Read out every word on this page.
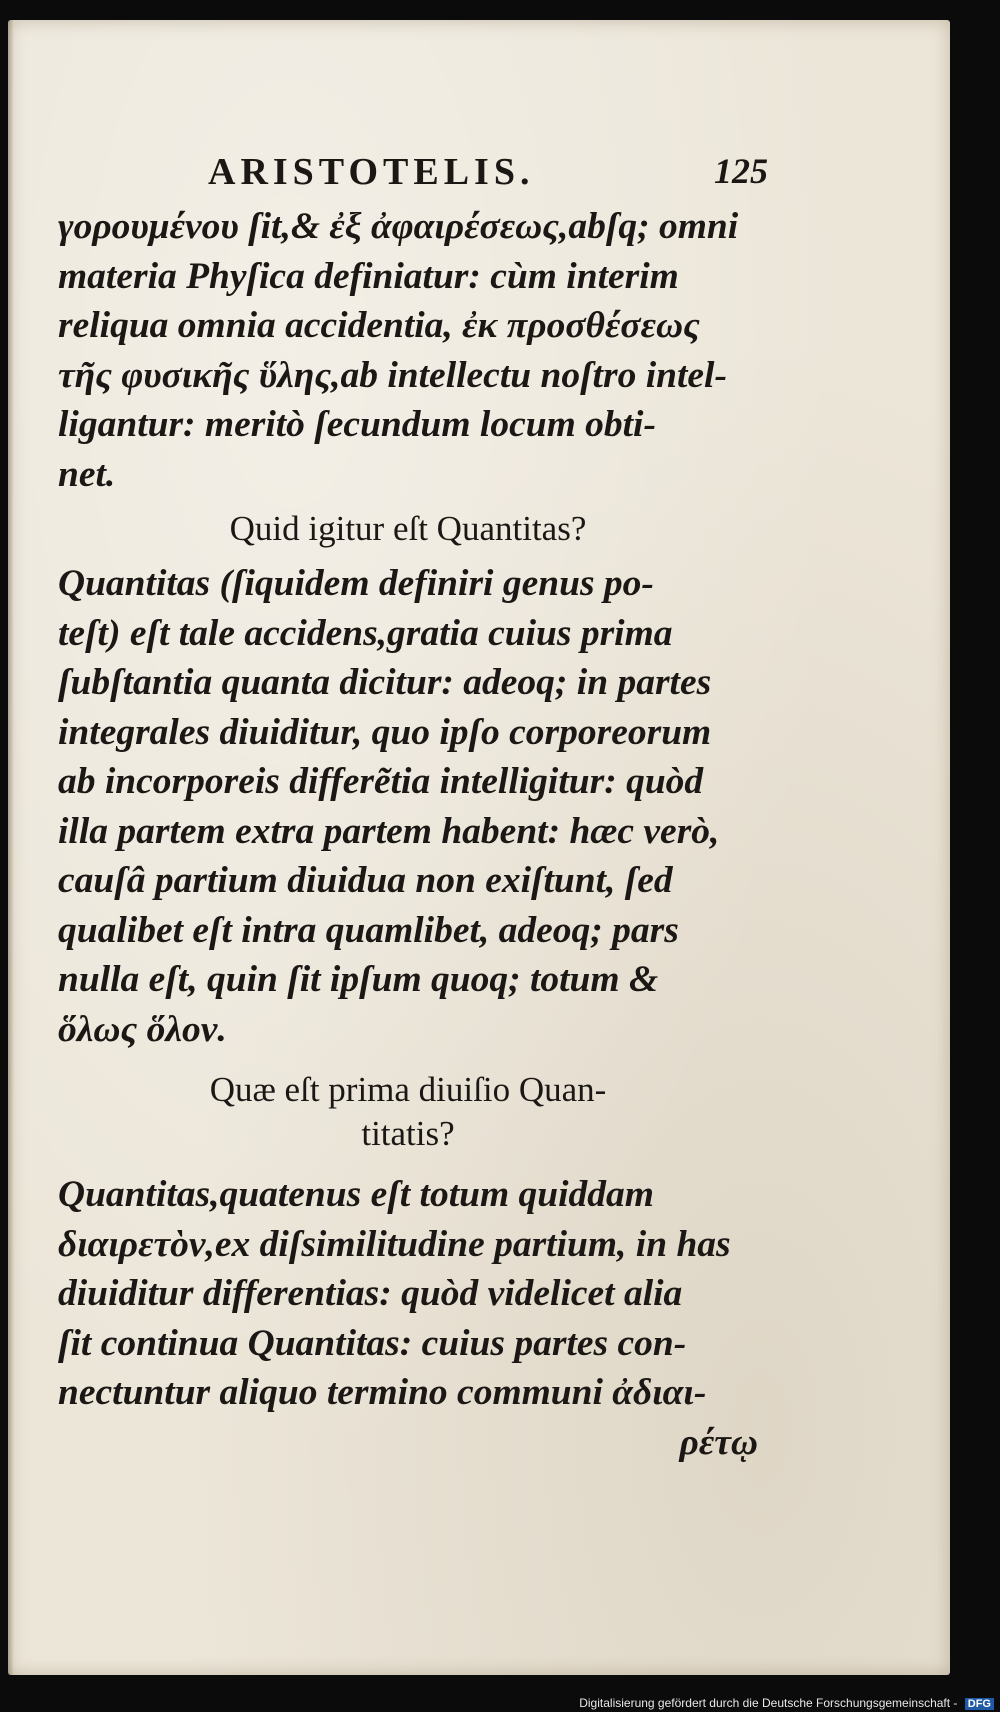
ARISTOTELIS.	125

γορουμένου ſit,& ἐξ ἀφαιρέσεως,abſq; omni
materia Phyſica definiatur: cùm interim
reliqua omnia accidentia, ἐκ προσθέσεως
τῆς φυσικῆς ὕλης,ab intellectu noſtro intel-
ligantur: meritò ſecundum locum obti-
net.

Quid igitur eſt Quantitas?

Quantitas (ſiquidem definiri genus po-
teſt) eſt tale accidens,gratia cuius prima
ſubſtantia quanta dicitur: adeoq; in partes
integrales diuiditur, quo ipſo corporeorum
ab incorporeis differẽtia intelligitur: quòd
illa partem extra partem habent: hæc verò,
cauſâ partium diuidua non exiſtunt, ſed
qualibet eſt intra quamlibet, adeoq; pars
nulla eſt, quin ſit ipſum quoq; totum &
ὅλως ὅλον.

Quæ eſt prima diuiſio Quan-
titatis?

Quantitas,quatenus eſt totum quiddam
διαιρετὸν,ex diſsimilitudine partium, in has
diuiditur differentias: quòd videlicet alia
ſit continua Quantitas: cuius partes con-
nectuntur aliquo termino communi ἀδιαι-
ρέτῳ

Digitalisierung gefördert durch die Deutsche Forschungsgemeinschaft - DFG
